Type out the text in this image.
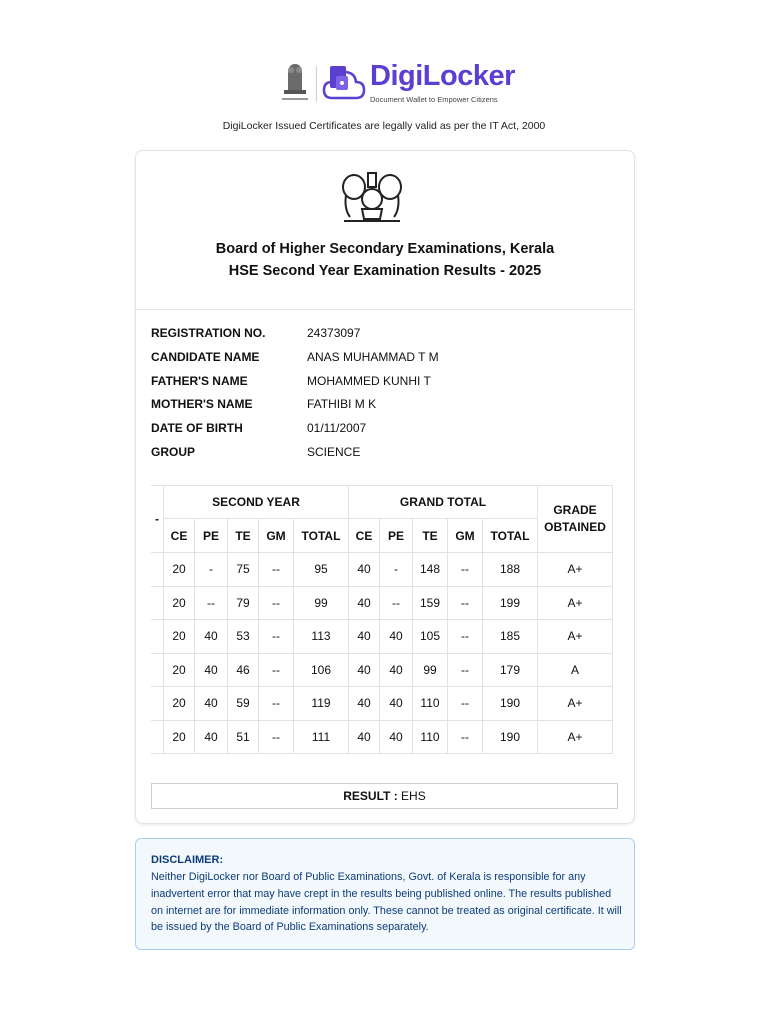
DigiLocker
Document Wallet to Empower Citizens
DigiLocker Issued Certificates are legally valid as per the IT Act, 2000
Board of Higher Secondary Examinations, Kerala
HSE Second Year Examination Results - 2025
REGISTRATION NO.	24373097
CANDIDATE NAME	ANAS MUHAMMAD T M
FATHER'S NAME	MOHAMMED KUNHI T
MOTHER'S NAME	FATHIBI M K
DATE OF BIRTH	01/11/2007
GROUP	SCIENCE
-	SECOND YEAR					GRAND TOTAL					GRADE OBTAINED
	CE	PE	TE	GM	TOTAL	CE	PE	TE	GM	TOTAL	
	20	-	75	--	95	40	-	148	--	188	A+
	20	--	79	--	99	40	--	159	--	199	A+
	20	40	53	--	113	40	40	105	--	185	A+
	20	40	46	--	106	40	40	99	--	179	A
	20	40	59	--	119	40	40	110	--	190	A+
	20	40	51	--	111	40	40	110	--	190	A+
RESULT : EHS
DISCLAIMER:
Neither DigiLocker nor Board of Public Examinations, Govt. of Kerala is responsible for any inadvertent error that may have crept in the results being published online. The results published on internet are for immediate information only. These cannot be treated as original certificate. It will be issued by the Board of Public Examinations separately.
